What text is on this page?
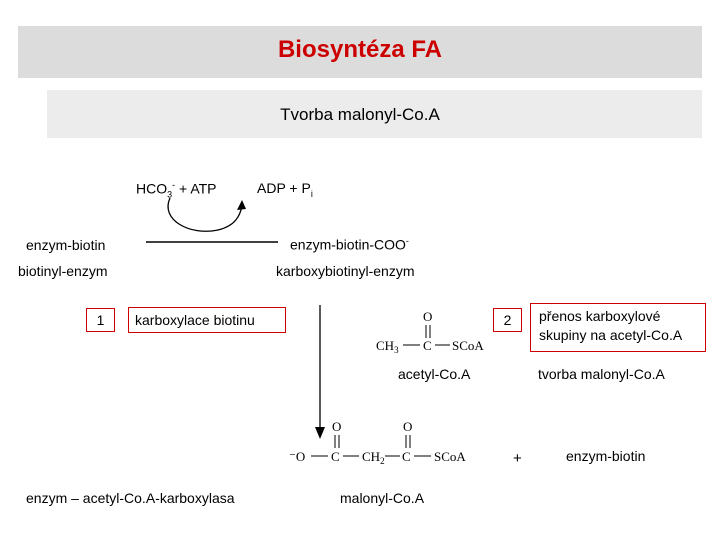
Biosyntéza FA
Tvorba malonyl-Co.A
$HCO_3^-$ + ATP	ADP + $P_i$
enzym-biotin	enzym-biotin-COO-
biotinyl-enzym	karboxybiotinyl-enzym
1	karboxylace biotinu	2	přenos karboxylové
skupiny na acetyl-Co.A
O
$CH_3$ C SCoA
acetyl-Co.A	tvorba malonyl-Co.A
O	O
⁻O C $CH_2$ C SCoA	+	enzym-biotin
enzym – acetyl-Co.A-karboxylasa	malonyl-Co.A
